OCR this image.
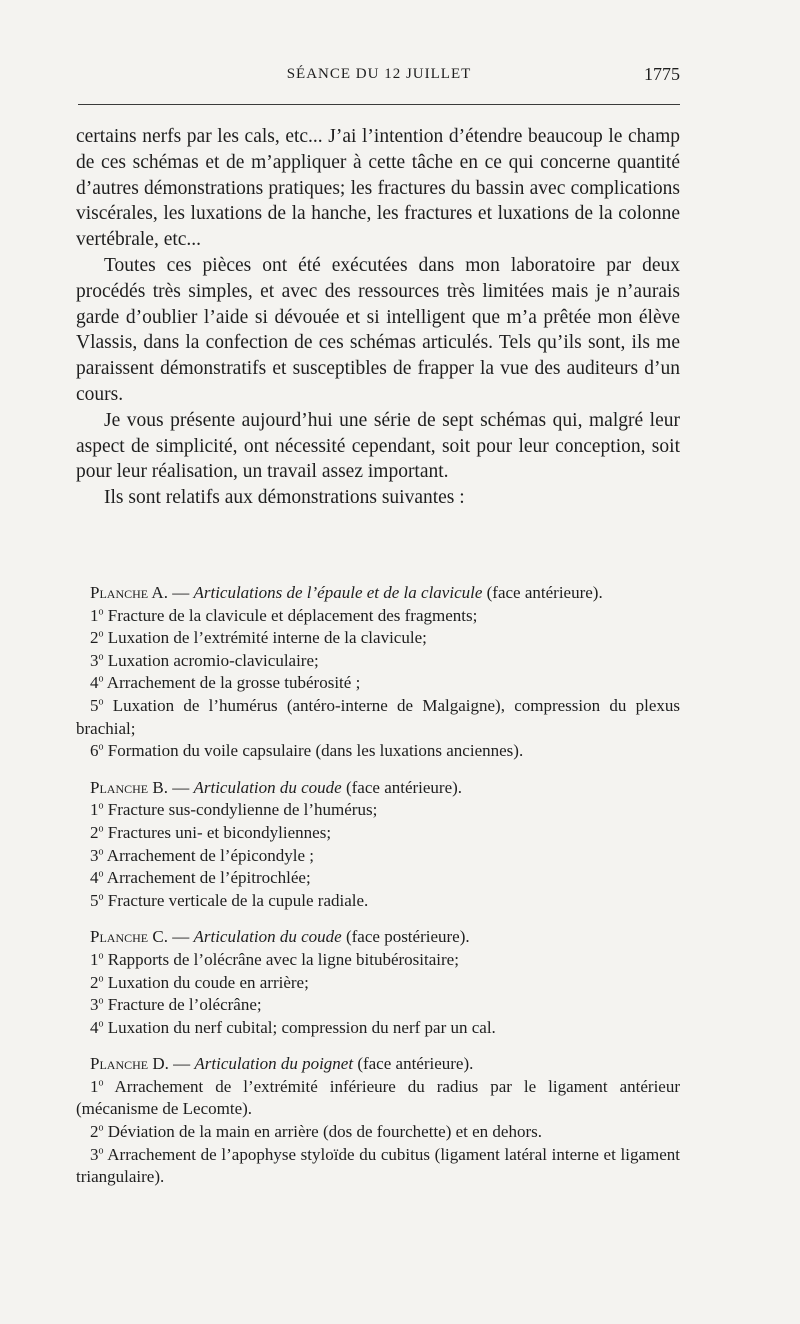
SÉANCE DU 12 JUILLET	1775

certains nerfs par les cals, etc... J’ai l’intention d’étendre beaucoup le champ de ces schémas et de m’appliquer à cette tâche en ce qui concerne quantité d’autres démonstrations pratiques; les fractures du bassin avec complications viscérales, les luxations de la hanche, les fractures et luxations de la colonne vertébrale, etc...

Toutes ces pièces ont été exécutées dans mon laboratoire par deux procédés très simples, et avec des ressources très limitées mais je n’aurais garde d’oublier l’aide si dévouée et si intelligent que m’a prêtée mon élève Vlassis, dans la confection de ces schémas articulés. Tels qu’ils sont, ils me paraissent démonstratifs et susceptibles de frapper la vue des auditeurs d’un cours.

Je vous présente aujourd’hui une série de sept schémas qui, malgré leur aspect de simplicité, ont nécessité cependant, soit pour leur conception, soit pour leur réalisation, un travail assez important.

Ils sont relatifs aux démonstrations suivantes :

Planche A. — Articulations de l’épaule et de la clavicule (face antérieure).

1$^o$ Fracture de la clavicule et déplacement des fragments;

2$^o$ Luxation de l’extrémité interne de la clavicule;

3$^o$ Luxation acromio-claviculaire;

4$^o$ Arrachement de la grosse tubérosité ;

5$^o$ Luxation de l’humérus (antéro-interne de Malgaigne), compression du plexus brachial;

6$^o$ Formation du voile capsulaire (dans les luxations anciennes).

Planche B. — Articulation du coude (face antérieure).

1$^o$ Fracture sus-condylienne de l’humérus;

2$^o$ Fractures uni- et bicondyliennes;

3$^o$ Arrachement de l’épicondyle ;

4$^o$ Arrachement de l’épitrochlée;

5$^o$ Fracture verticale de la cupule radiale.

Planche C. — Articulation du coude (face postérieure).

1$^o$ Rapports de l’olécrâne avec la ligne bitubérositaire;

2$^o$ Luxation du coude en arrière;

3$^o$ Fracture de l’olécrâne;

4$^o$ Luxation du nerf cubital; compression du nerf par un cal.

Planche D. — Articulation du poignet (face antérieure).

1$^o$ Arrachement de l’extrémité inférieure du radius par le ligament antérieur (mécanisme de Lecomte).

2$^o$ Déviation de la main en arrière (dos de fourchette) et en dehors.

3$^o$ Arrachement de l’apophyse styloïde du cubitus (ligament latéral interne et ligament triangulaire).
